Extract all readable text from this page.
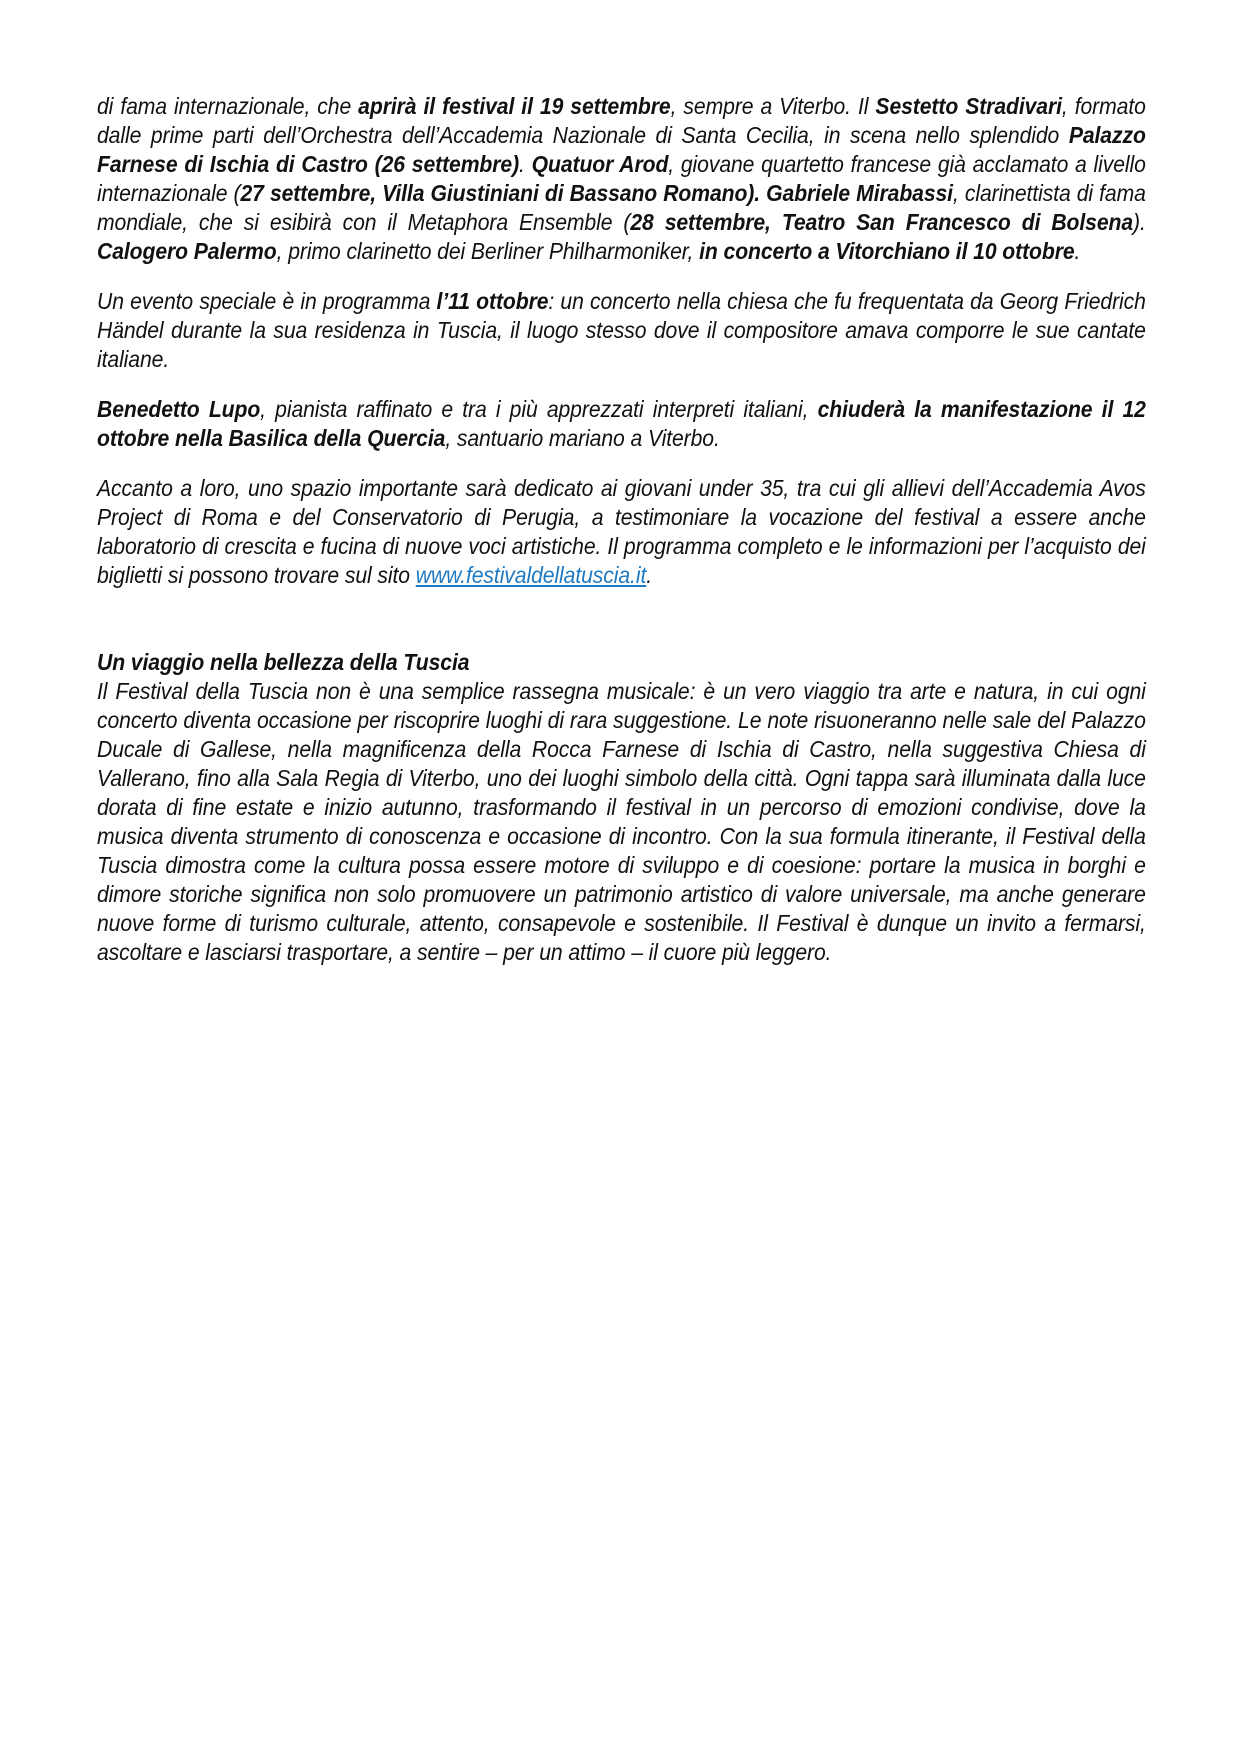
di fama internazionale, che aprirà il festival il 19 settembre, sempre a Viterbo. Il Sestetto Stradivari, formato dalle prime parti dell’Orchestra dell’Accademia Nazionale di Santa Cecilia, in scena nello splendido Palazzo Farnese di Ischia di Castro (26 settembre). Quatuor Arod, giovane quartetto francese già acclamato a livello internazionale (27 settembre, Villa Giustiniani di Bassano Romano). Gabriele Mirabassi, clarinettista di fama mondiale, che si esibirà con il Metaphora Ensemble (28 settembre, Teatro San Francesco di Bolsena). Calogero Palermo, primo clarinetto dei Berliner Philharmoniker, in concerto a Vitorchiano il 10 ottobre.

Un evento speciale è in programma l’11 ottobre: un concerto nella chiesa che fu frequentata da Georg Friedrich Händel durante la sua residenza in Tuscia, il luogo stesso dove il compositore amava comporre le sue cantate italiane.

Benedetto Lupo, pianista raffinato e tra i più apprezzati interpreti italiani, chiuderà la manifestazione il 12 ottobre nella Basilica della Quercia, santuario mariano a Viterbo.

Accanto a loro, uno spazio importante sarà dedicato ai giovani under 35, tra cui gli allievi dell’Accademia Avos Project di Roma e del Conservatorio di Perugia, a testimoniare la vocazione del festival a essere anche laboratorio di crescita e fucina di nuove voci artistiche. Il programma completo e le informazioni per l’acquisto dei biglietti si possono trovare sul sito www.festivaldellatuscia.it.

Un viaggio nella bellezza della Tuscia

Il Festival della Tuscia non è una semplice rassegna musicale: è un vero viaggio tra arte e natura, in cui ogni concerto diventa occasione per riscoprire luoghi di rara suggestione. Le note risuoneranno nelle sale del Palazzo Ducale di Gallese, nella magnificenza della Rocca Farnese di Ischia di Castro, nella suggestiva Chiesa di Vallerano, fino alla Sala Regia di Viterbo, uno dei luoghi simbolo della città. Ogni tappa sarà illuminata dalla luce dorata di fine estate e inizio autunno, trasformando il festival in un percorso di emozioni condivise, dove la musica diventa strumento di conoscenza e occasione di incontro. Con la sua formula itinerante, il Festival della Tuscia dimostra come la cultura possa essere motore di sviluppo e di coesione: portare la musica in borghi e dimore storiche significa non solo promuovere un patrimonio artistico di valore universale, ma anche generare nuove forme di turismo culturale, attento, consapevole e sostenibile. Il Festival è dunque un invito a fermarsi, ascoltare e lasciarsi trasportare, a sentire – per un attimo – il cuore più leggero.
